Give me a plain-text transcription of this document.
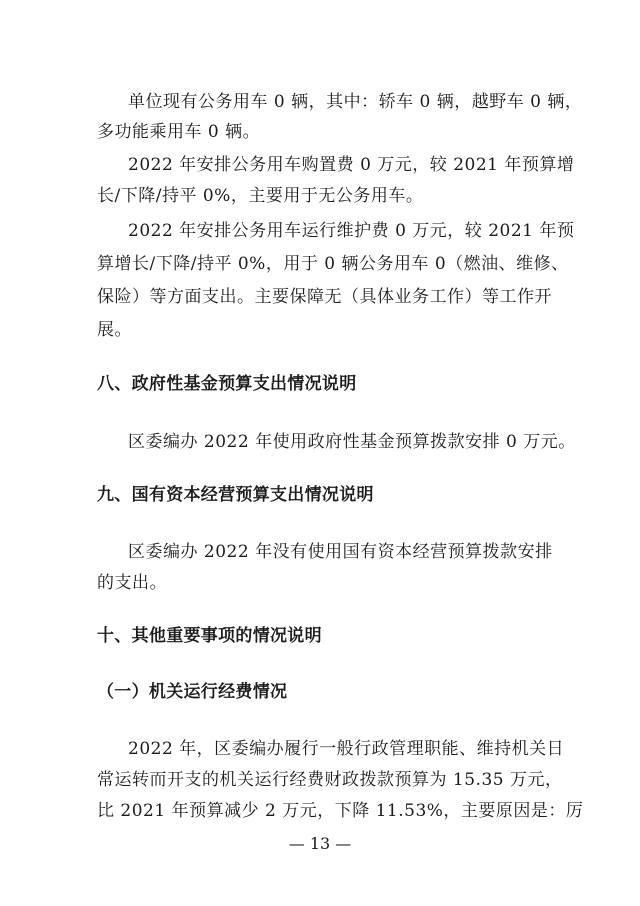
单位现有公务用车 0 辆，其中：轿车 0 辆，越野车 0 辆，
多功能乘用车 0 辆。
2022 年安排公务用车购置费 0 万元，较 2021 年预算增
长/下降/持平 0%，主要用于无公务用车。
2022 年安排公务用车运行维护费 0 万元，较 2021 年预
算增长/下降/持平 0%，用于 0 辆公务用车 0（燃油、维修、
保险）等方面支出。主要保障无（具体业务工作）等工作开
展。
八、政府性基金预算支出情况说明
区委编办 2022 年使用政府性基金预算拨款安排 0 万元。
九、国有资本经营预算支出情况说明
区委编办 2022 年没有使用国有资本经营预算拨款安排
的支出。
十、其他重要事项的情况说明
（一）机关运行经费情况
2022 年，区委编办履行一般行政管理职能、维持机关日
常运转而开支的机关运行经费财政拨款预算为 15.35 万元，
比 2021 年预算减少 2 万元，下降 11.53%，主要原因是：厉
— 13 —
